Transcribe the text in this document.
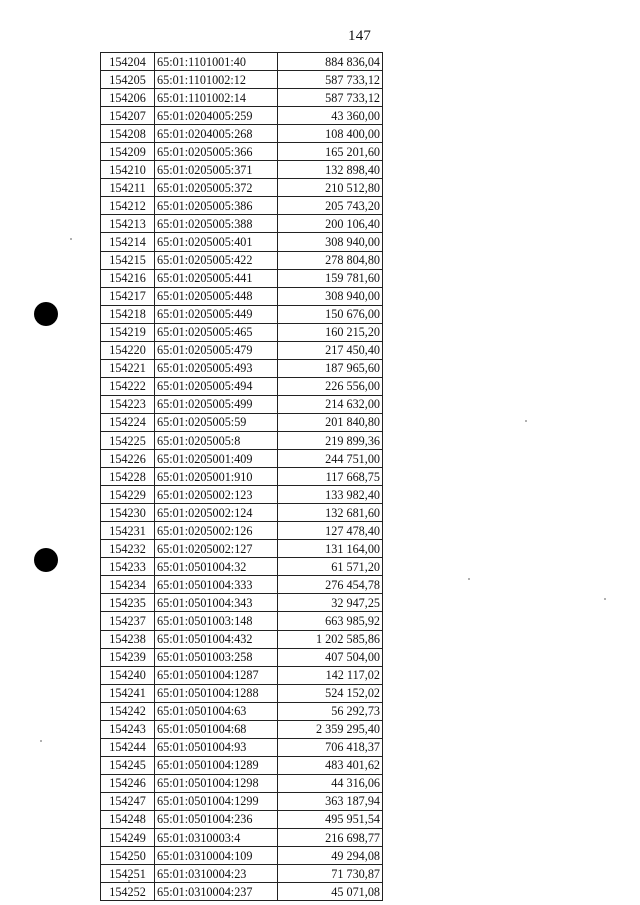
147
154204	65:01:1101001:40	884 836,04
154205	65:01:1101002:12	587 733,12
154206	65:01:1101002:14	587 733,12
154207	65:01:0204005:259	43 360,00
154208	65:01:0204005:268	108 400,00
154209	65:01:0205005:366	165 201,60
154210	65:01:0205005:371	132 898,40
154211	65:01:0205005:372	210 512,80
154212	65:01:0205005:386	205 743,20
154213	65:01:0205005:388	200 106,40
154214	65:01:0205005:401	308 940,00
154215	65:01:0205005:422	278 804,80
154216	65:01:0205005:441	159 781,60
154217	65:01:0205005:448	308 940,00
154218	65:01:0205005:449	150 676,00
154219	65:01:0205005:465	160 215,20
154220	65:01:0205005:479	217 450,40
154221	65:01:0205005:493	187 965,60
154222	65:01:0205005:494	226 556,00
154223	65:01:0205005:499	214 632,00
154224	65:01:0205005:59	201 840,80
154225	65:01:0205005:8	219 899,36
154226	65:01:0205001:409	244 751,00
154228	65:01:0205001:910	117 668,75
154229	65:01:0205002:123	133 982,40
154230	65:01:0205002:124	132 681,60
154231	65:01:0205002:126	127 478,40
154232	65:01:0205002:127	131 164,00
154233	65:01:0501004:32	61 571,20
154234	65:01:0501004:333	276 454,78
154235	65:01:0501004:343	32 947,25
154237	65:01:0501003:148	663 985,92
154238	65:01:0501004:432	1 202 585,86
154239	65:01:0501003:258	407 504,00
154240	65:01:0501004:1287	142 117,02
154241	65:01:0501004:1288	524 152,02
154242	65:01:0501004:63	56 292,73
154243	65:01:0501004:68	2 359 295,40
154244	65:01:0501004:93	706 418,37
154245	65:01:0501004:1289	483 401,62
154246	65:01:0501004:1298	44 316,06
154247	65:01:0501004:1299	363 187,94
154248	65:01:0501004:236	495 951,54
154249	65:01:0310003:4	216 698,77
154250	65:01:0310004:109	49 294,08
154251	65:01:0310004:23	71 730,87
154252	65:01:0310004:237	45 071,08
